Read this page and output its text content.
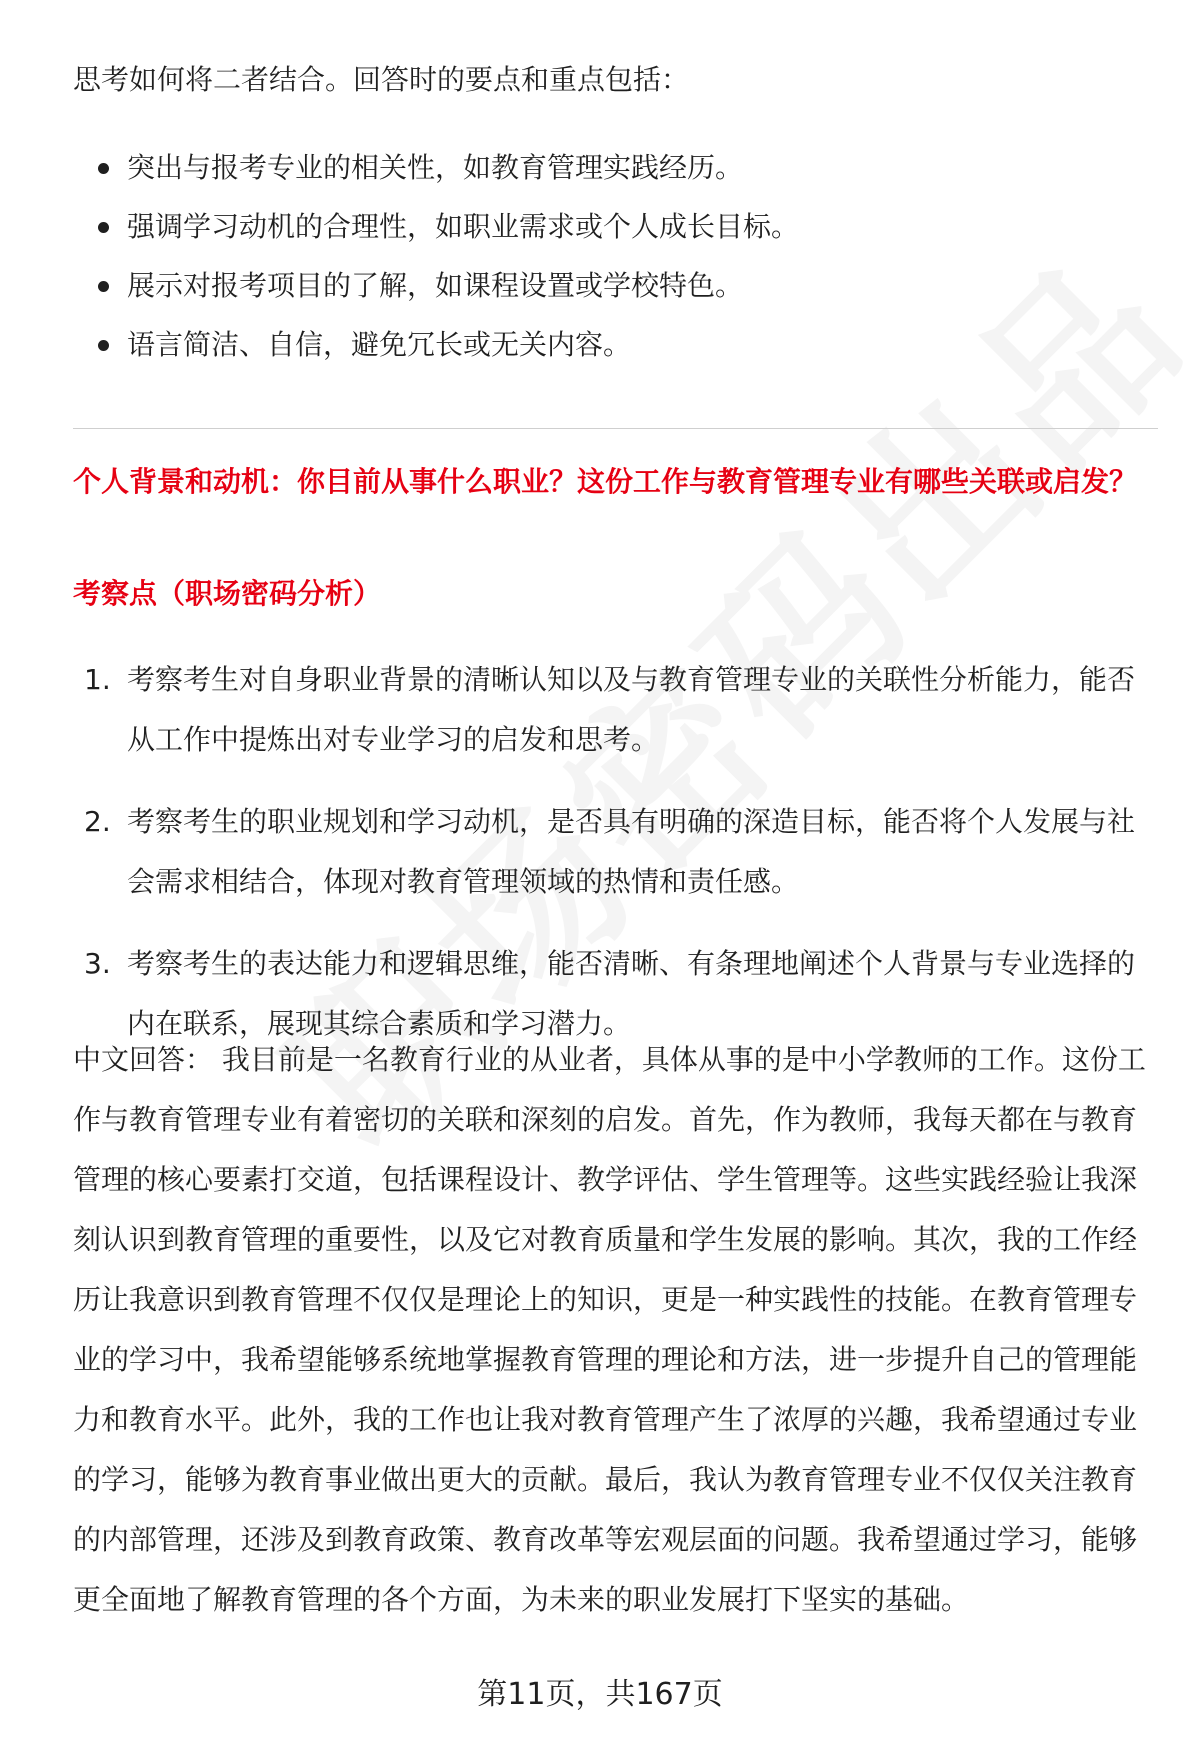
思考如何将二者结合。回答时的要点和重点包括：

突出与报考专业的相关性，如教育管理实践经历。
强调学习动机的合理性，如职业需求或个人成长目标。
展示对报考项目的了解，如课程设置或学校特色。
语言简洁、自信，避免冗长或无关内容。
个人背景和动机：你目前从事什么职业？这份工作与教育管理专业有哪些关联或启发？
考察点（职场密码分析）
1. 考察考生对自身职业背景的清晰认知以及与教育管理专业的关联性分析能力，能否从工作中提炼出对专业学习的启发和思考。
2. 考察考生的职业规划和学习动机，是否具有明确的深造目标，能否将个人发展与社会需求相结合，体现对教育管理领域的热情和责任感。
3. 考察考生的表达能力和逻辑思维，能否清晰、有条理地阐述个人背景与专业选择的内在联系，展现其综合素质和学习潜力。

中文回答： 我目前是一名教育行业的从业者，具体从事的是中小学教师的工作。这份工作与教育管理专业有着密切的关联和深刻的启发。首先，作为教师，我每天都在与教育管理的核心要素打交道，包括课程设计、教学评估、学生管理等。这些实践经验让我深刻认识到教育管理的重要性，以及它对教育质量和学生发展的影响。其次，我的工作经历让我意识到教育管理不仅仅是理论上的知识，更是一种实践性的技能。在教育管理专业的学习中，我希望能够系统地掌握教育管理的理论和方法，进一步提升自己的管理能力和教育水平。此外，我的工作也让我对教育管理产生了浓厚的兴趣，我希望通过专业的学习，能够为教育事业做出更大的贡献。最后，我认为教育管理专业不仅仅关注教育的内部管理，还涉及到教育政策、教育改革等宏观层面的问题。我希望通过学习，能够更全面地了解教育管理的各个方面，为未来的职业发展打下坚实的基础。

第11页，共167页
